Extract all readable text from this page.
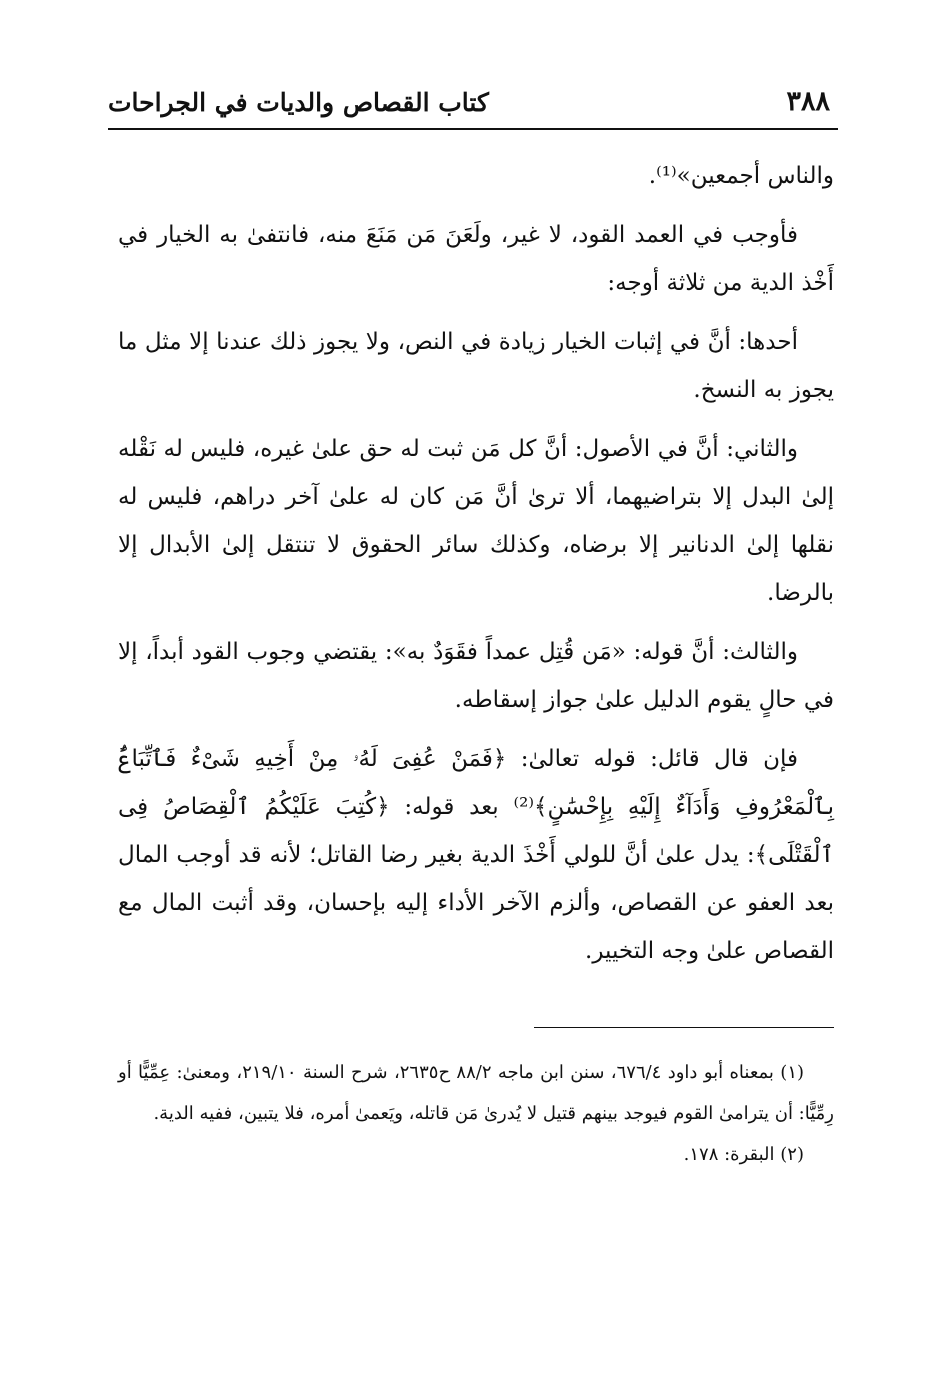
٣٨٨
كتاب القصاص والديات في الجراحات

والناس أجمعين»⁽¹⁾.

فأوجب في العمد القود، لا غير، ولَعَنَ مَن مَنَعَ منه، فانتفىٰ به الخيار في أَخْذ الدية من ثلاثة أوجه:

أحدها: أنَّ في إثبات الخيار زيادة في النص، ولا يجوز ذلك عندنا إلا مثل ما يجوز به النسخ.

والثاني: أنَّ في الأصول: أنَّ كل مَن ثبت له حق علىٰ غيره، فليس له نَقْله إلىٰ البدل إلا بتراضيهما، ألا ترىٰ أنَّ مَن كان له علىٰ آخر دراهم، فليس له نقلها إلىٰ الدنانير إلا برضاه، وكذلك سائر الحقوق لا تنتقل إلىٰ الأبدال إلا بالرضا.

والثالث: أنَّ قوله: «مَن قُتِل عمداً فقَوَدٌ به»: يقتضي وجوب القود أبداً، إلا في حالٍ يقوم الدليل علىٰ جواز إسقاطه.

فإن قال قائل: قوله تعالىٰ: ﴿فَمَنْ عُفِىَ لَهُۥ مِنْ أَخِيهِ شَىْءٌ فَٱتِّبَاعٌۢ بِٱلْمَعْرُوفِ وَأَدَآءٌ إِلَيْهِ بِإِحْسَٰنٍ﴾⁽²⁾ بعد قوله: ﴿كُتِبَ عَلَيْكُمُ ٱلْقِصَاصُ فِى ٱلْقَتْلَى﴾: يدل علىٰ أنَّ للولي أَخْذَ الدية بغير رضا القاتل؛ لأنه قد أوجب المال بعد العفو عن القصاص، وألزم الآخر الأداء إليه بإحسان، وقد أثبت المال مع القصاص علىٰ وجه التخيير.

(١) بمعناه أبو داود ٦٧٦/٤، سنن ابن ماجه ٨٨/٢ ح٢٦٣٥، شرح السنة ٢١٩/١٠، ومعنىٰ: عِمِّيًّا أو رِمِّيًّا: أن يترامىٰ القوم فيوجد بينهم قتيل لا يُدرىٰ مَن قاتله، ويَعمىٰ أمره، فلا يتبين، ففيه الدية.

(٢) البقرة: ١٧٨.
